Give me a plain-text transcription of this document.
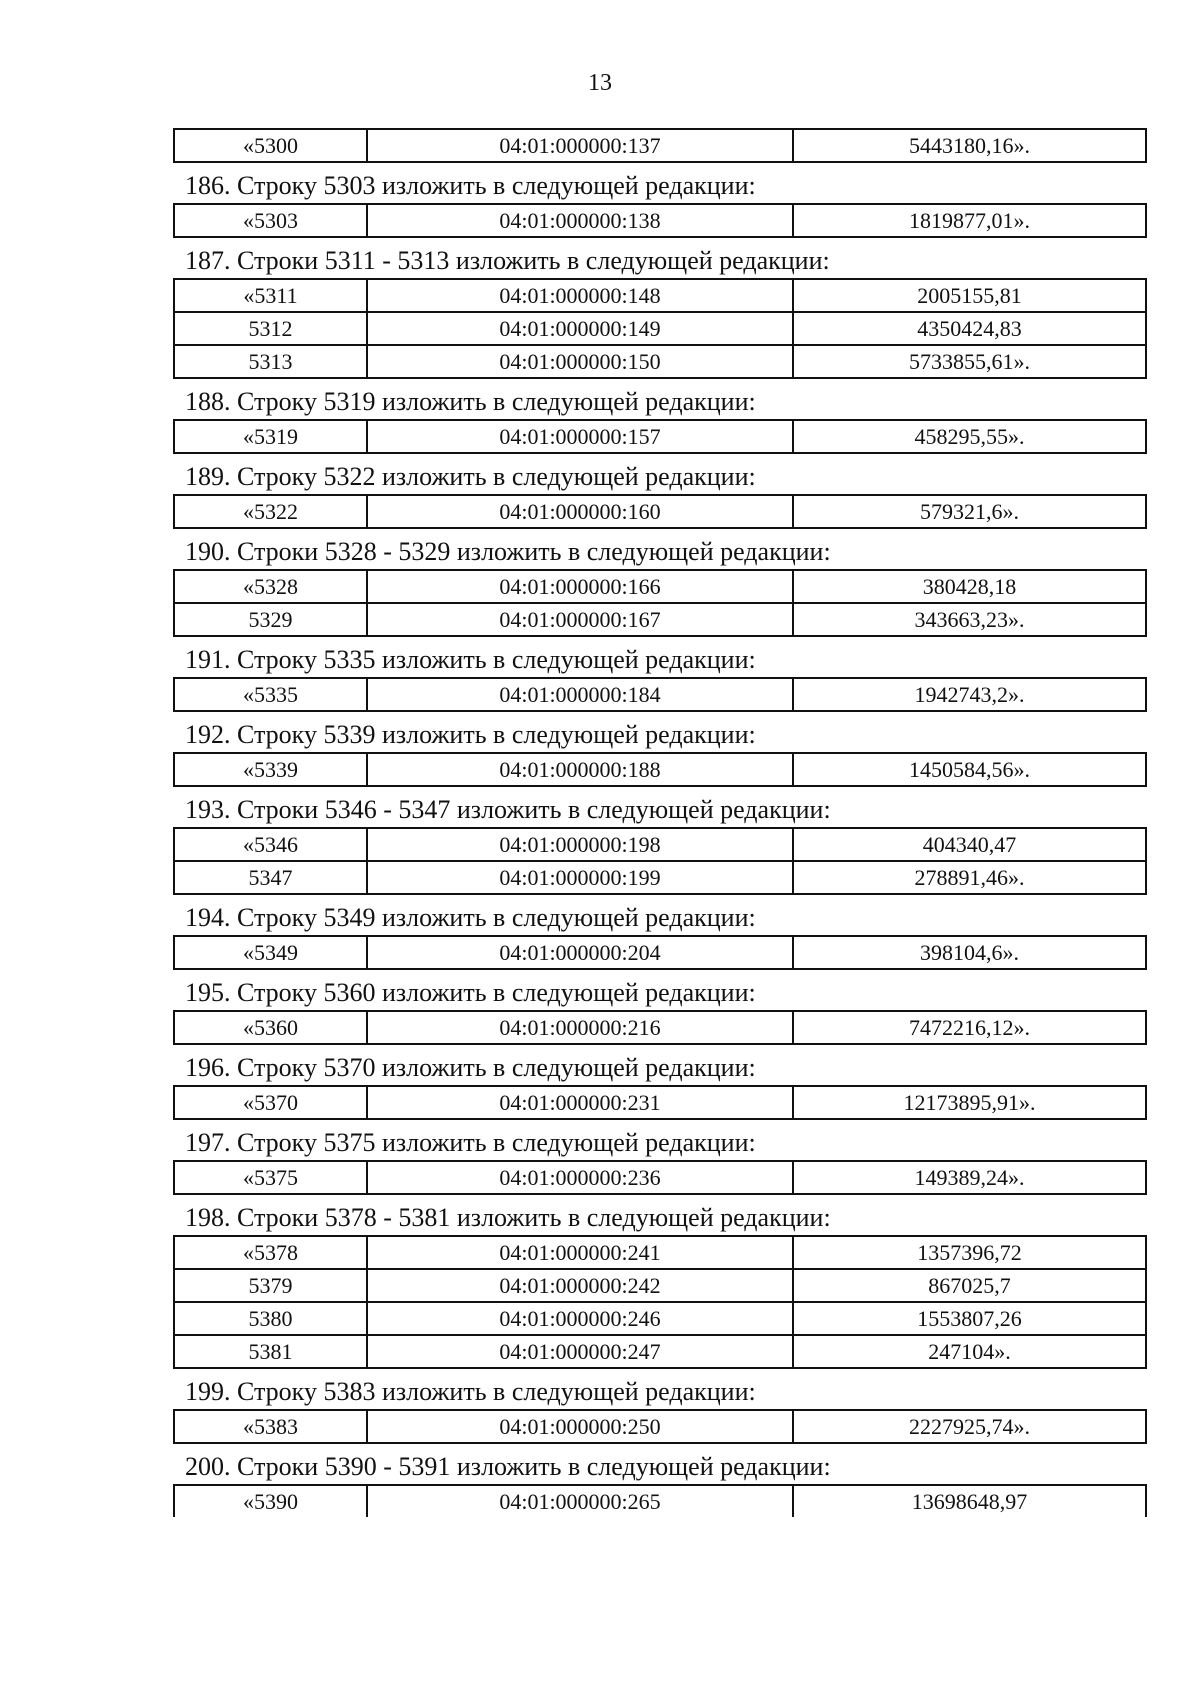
13
«5300	04:01:000000:137	5443180,16».
186. Строку 5303 изложить в следующей редакции:
«5303	04:01:000000:138	1819877,01».
187. Строки 5311 - 5313 изложить в следующей редакции:
«5311	04:01:000000:148	2005155,81
5312	04:01:000000:149	4350424,83
5313	04:01:000000:150	5733855,61».
188. Строку 5319 изложить в следующей редакции:
«5319	04:01:000000:157	458295,55».
189. Строку 5322 изложить в следующей редакции:
«5322	04:01:000000:160	579321,6».
190. Строки 5328 - 5329 изложить в следующей редакции:
«5328	04:01:000000:166	380428,18
5329	04:01:000000:167	343663,23».
191. Строку 5335 изложить в следующей редакции:
«5335	04:01:000000:184	1942743,2».
192. Строку 5339 изложить в следующей редакции:
«5339	04:01:000000:188	1450584,56».
193. Строки 5346 - 5347 изложить в следующей редакции:
«5346	04:01:000000:198	404340,47
5347	04:01:000000:199	278891,46».
194. Строку 5349 изложить в следующей редакции:
«5349	04:01:000000:204	398104,6».
195. Строку 5360 изложить в следующей редакции:
«5360	04:01:000000:216	7472216,12».
196. Строку 5370 изложить в следующей редакции:
«5370	04:01:000000:231	12173895,91».
197. Строку 5375 изложить в следующей редакции:
«5375	04:01:000000:236	149389,24».
198. Строки 5378 - 5381 изложить в следующей редакции:
«5378	04:01:000000:241	1357396,72
5379	04:01:000000:242	867025,7
5380	04:01:000000:246	1553807,26
5381	04:01:000000:247	247104».
199. Строку 5383 изложить в следующей редакции:
«5383	04:01:000000:250	2227925,74».
200. Строки 5390 - 5391 изложить в следующей редакции:
«5390	04:01:000000:265	13698648,97
